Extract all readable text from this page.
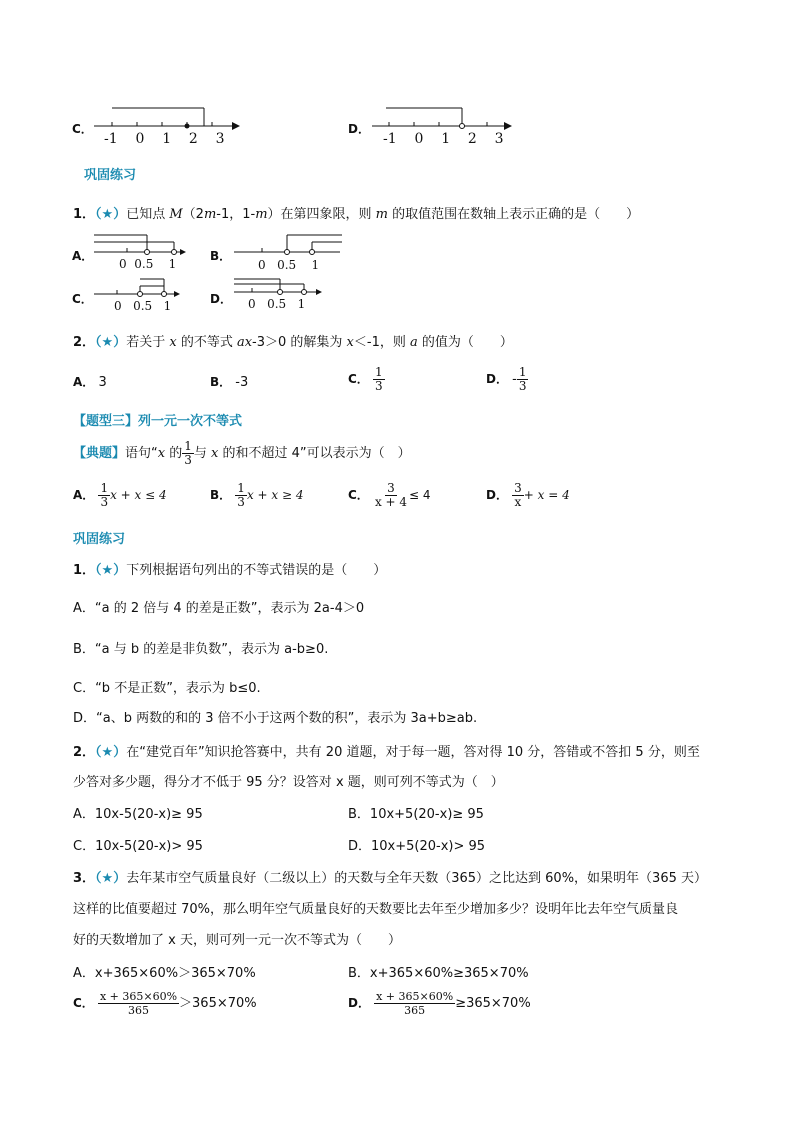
C．
-1 0 1 2 3
D．
-1 0 1 2 3
巩固练习
1．（★）已知点 M（2m-1，1-m）在第四象限，则 m 的取值范围在数轴上表示正确的是（　　）
A．
0 0.5 1
B．
0 0.5 1
C． 0 0.5 1	D． 0 0.5 1
2．（★）若关于 x 的不等式 ax-3＞0 的解集为 x＜-1，则 a 的值为（　　）
A． 3	B． -3	C． $\frac{1}{3}$	D． - $\frac{1}{3}$
【题型三】列一元一次不等式
【典题】语句“x 的 $\frac{1}{3}$ 与 x 的和不超过 4”可以表示为（　）
A． $\frac{1}{3}$ x + x ≤ 4	B． $\frac{1}{3}$ x + x ≥ 4	C． $\frac{3}{x + 4} \le 4$	D． $\frac{3}{x} + x = 4$
巩固练习
1．（★）下列根据语句列出的不等式错误的是（　　）
A．“a 的 2 倍与 4 的差是正数”，表示为 2a-4＞0
B．“a 与 b 的差是非负数”，表示为 a-b≥0.
C．“b 不是正数”，表示为 b≤0.
D．“a、b 两数的和的 3 倍不小于这两个数的积”，表示为 3a+b≥ab.
2．（★）在“建党百年”知识抢答赛中，共有 20 道题，对于每一题，答对得 10 分，答错或不答扣 5 分，则至
少答对多少题，得分才不低于 95 分？设答对 x 题，则可列不等式为（　）
A．10x-5(20-x)≥ 95	B．10x+5(20-x)≥ 95
C．10x-5(20-x)> 95	D．10x+5(20-x)> 95
3．（★）去年某市空气质量良好（二级以上）的天数与全年天数（365）之比达到 60%，如果明年（365 天）
这样的比值要超过 70%，那么明年空气质量良好的天数要比去年至少增加多少？设明年比去年空气质量良
好的天数增加了 x 天，则可列一元一次不等式为（　　）
A．x+365×60%＞365×70%	B．x+365×60%≥365×70%
C． $\frac{x + 365\times 60\%}{365} >365\times 70\%$	D． $\frac{x + 365\times 60\%}{365} \ge 365\times 70\%$
